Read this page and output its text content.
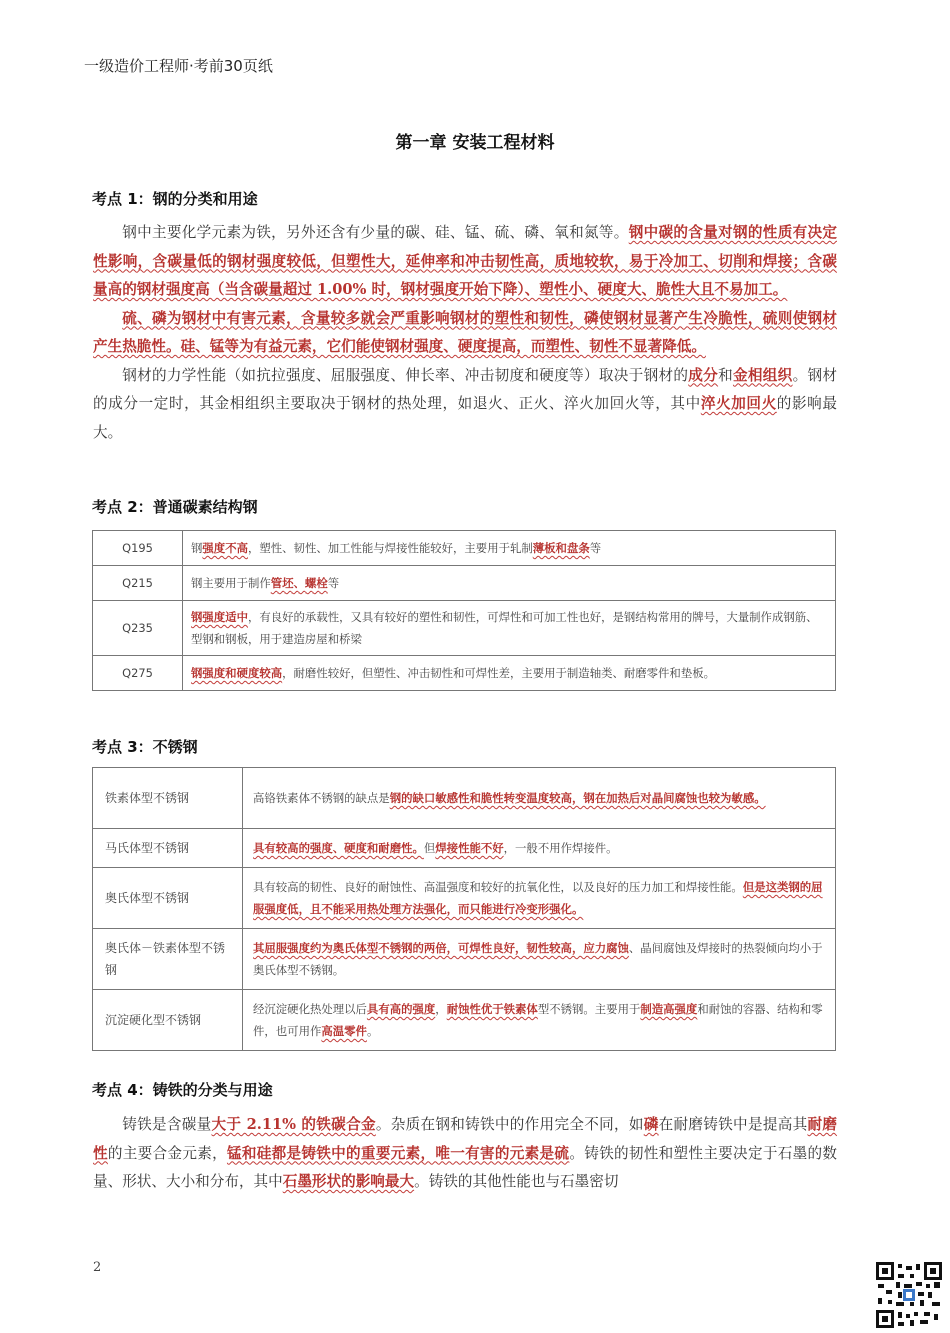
一级造价工程师·考前30页纸
第一章 安装工程材料
考点 1：钢的分类和用途

钢中主要化学元素为铁，另外还含有少量的碳、硅、锰、硫、磷、氧和氮等。钢中碳的含量对钢的性质有决定性影响，含碳量低的钢材强度较低，但塑性大，延伸率和冲击韧性高，质地较软，易于冷加工、切削和焊接；含碳量高的钢材强度高（当含碳量超过 1.00% 时，钢材强度开始下降）、塑性小、硬度大、脆性大且不易加工。

硫、磷为钢材中有害元素，含量较多就会严重影响钢材的塑性和韧性，磷使钢材显著产生冷脆性，硫则使钢材产生热脆性。硅、锰等为有益元素，它们能使钢材强度、硬度提高，而塑性、韧性不显著降低。

钢材的力学性能（如抗拉强度、屈服强度、伸长率、冲击韧度和硬度等）取决于钢材的成分和金相组织。钢材的成分一定时，其金相组织主要取决于钢材的热处理，如退火、正火、淬火加回火等，其中淬火加回火的影响最大。

考点 2：普通碳素结构钢
Q195	钢强度不高，塑性、韧性、加工性能与焊接性能较好，主要用于轧制薄板和盘条等
Q215	钢主要用于制作管坯、螺栓等
Q235	钢强度适中，有良好的承载性，又具有较好的塑性和韧性，可焊性和可加工性也好，是钢结构常用的牌号，大量制作成钢筋、型钢和钢板，用于建造房屋和桥梁
Q275	钢强度和硬度较高，耐磨性较好，但塑性、冲击韧性和可焊性差，主要用于制造轴类、耐磨零件和垫板。
考点 3：不锈钢
铁素体型不锈钢	高铬铁素体不锈钢的缺点是钢的缺口敏感性和脆性转变温度较高，钢在加热后对晶间腐蚀也较为敏感。
马氏体型不锈钢	具有较高的强度、硬度和耐磨性。但焊接性能不好，一般不用作焊接件。
奥氏体型不锈钢	具有较高的韧性、良好的耐蚀性、高温强度和较好的抗氧化性，以及良好的压力加工和焊接性能。但是这类钢的屈服强度低，且不能采用热处理方法强化，而只能进行冷变形强化。
奥氏体－铁素体型不锈钢	其屈服强度约为奥氏体型不锈钢的两倍，可焊性良好，韧性较高，应力腐蚀、晶间腐蚀及焊接时的热裂倾向均小于奥氏体型不锈钢。
沉淀硬化型不锈钢	经沉淀硬化热处理以后具有高的强度，耐蚀性优于铁素体型不锈钢。主要用于制造高强度和耐蚀的容器、结构和零件，也可用作高温零件。
考点 4：铸铁的分类与用途

铸铁是含碳量大于 2.11% 的铁碳合金。杂质在钢和铸铁中的作用完全不同，如磷在耐磨铸铁中是提高其耐磨性的主要合金元素，锰和硅都是铸铁中的重要元素，唯一有害的元素是硫。铸铁的韧性和塑性主要决定于石墨的数量、形状、大小和分布，其中石墨形状的影响最大。铸铁的其他性能也与石墨密切

2
